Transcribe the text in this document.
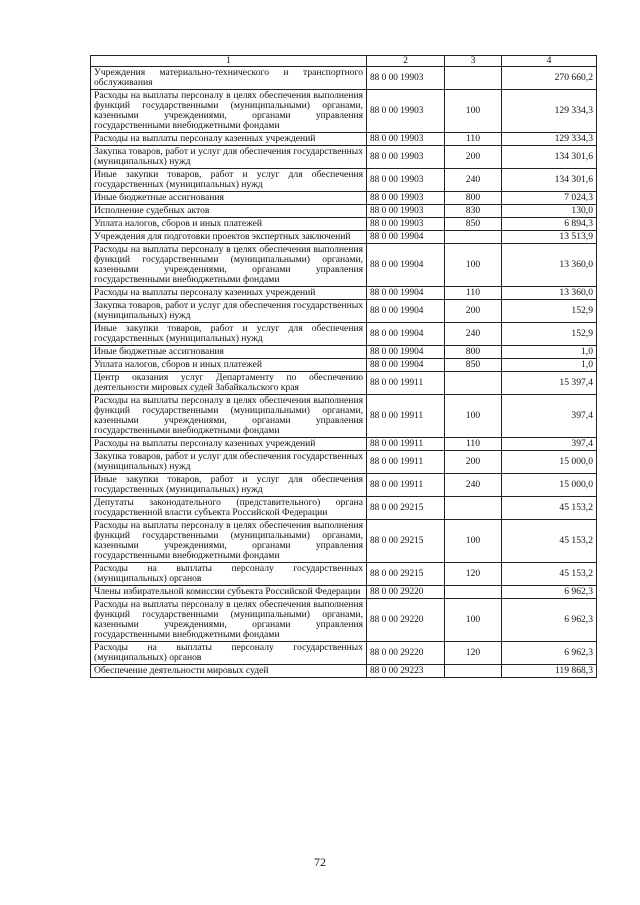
1	2	3	4
Учреждения материально-технического и транспортного обслуживания	88 0 00 19903		270 660,2
Расходы на выплаты персоналу в целях обеспечения выполнения функций государственными (муниципальными) органами, казенными учреждениями, органами управления государственными внебюджетными фондами	88 0 00 19903	100	129 334,3
Расходы на выплаты персоналу казенных учреждений	88 0 00 19903	110	129 334,3
Закупка товаров, работ и услуг для обеспечения государственных (муниципальных) нужд	88 0 00 19903	200	134 301,6
Иные закупки товаров, работ и услуг для обеспечения государственных (муниципальных) нужд	88 0 00 19903	240	134 301,6
Иные бюджетные ассигнования	88 0 00 19903	800	7 024,3
Исполнение судебных актов	88 0 00 19903	830	130,0
Уплата налогов, сборов и иных платежей	88 0 00 19903	850	6 894,3
Учреждения для подготовки проектов экспертных заключений	88 0 00 19904		13 513,9
Расходы на выплаты персоналу в целях обеспечения выполнения функций государственными (муниципальными) органами, казенными учреждениями, органами управления государственными внебюджетными фондами	88 0 00 19904	100	13 360,0
Расходы на выплаты персоналу казенных учреждений	88 0 00 19904	110	13 360,0
Закупка товаров, работ и услуг для обеспечения государственных (муниципальных) нужд	88 0 00 19904	200	152,9
Иные закупки товаров, работ и услуг для обеспечения государственных (муниципальных) нужд	88 0 00 19904	240	152,9
Иные бюджетные ассигнования	88 0 00 19904	800	1,0
Уплата налогов, сборов и иных платежей	88 0 00 19904	850	1,0
Центр оказания услуг Департаменту по обеспечению деятельности мировых судей Забайкальского края	88 0 00 19911		15 397,4
Расходы на выплаты персоналу в целях обеспечения выполнения функций государственными (муниципальными) органами, казенными учреждениями, органами управления государственными внебюджетными фондами	88 0 00 19911	100	397,4
Расходы на выплаты персоналу казенных учреждений	88 0 00 19911	110	397,4
Закупка товаров, работ и услуг для обеспечения государственных (муниципальных) нужд	88 0 00 19911	200	15 000,0
Иные закупки товаров, работ и услуг для обеспечения государственных (муниципальных) нужд	88 0 00 19911	240	15 000,0
Депутаты законодательного (представительного) органа государственной власти субъекта Российской Федерации	88 0 00 29215		45 153,2
Расходы на выплаты персоналу в целях обеспечения выполнения функций государственными (муниципальными) органами, казенными учреждениями, органами управления государственными внебюджетными фондами	88 0 00 29215	100	45 153,2
Расходы на выплаты персоналу государственных (муниципальных) органов	88 0 00 29215	120	45 153,2
Члены избирательной комиссии субъекта Российской Федерации	88 0 00 29220		6 962,3
Расходы на выплаты персоналу в целях обеспечения выполнения функций государственными (муниципальными) органами, казенными учреждениями, органами управления государственными внебюджетными фондами	88 0 00 29220	100	6 962,3
Расходы на выплаты персоналу государственных (муниципальных) органов	88 0 00 29220	120	6 962,3
Обеспечение деятельности мировых судей	88 0 00 29223		119 868,3
72
